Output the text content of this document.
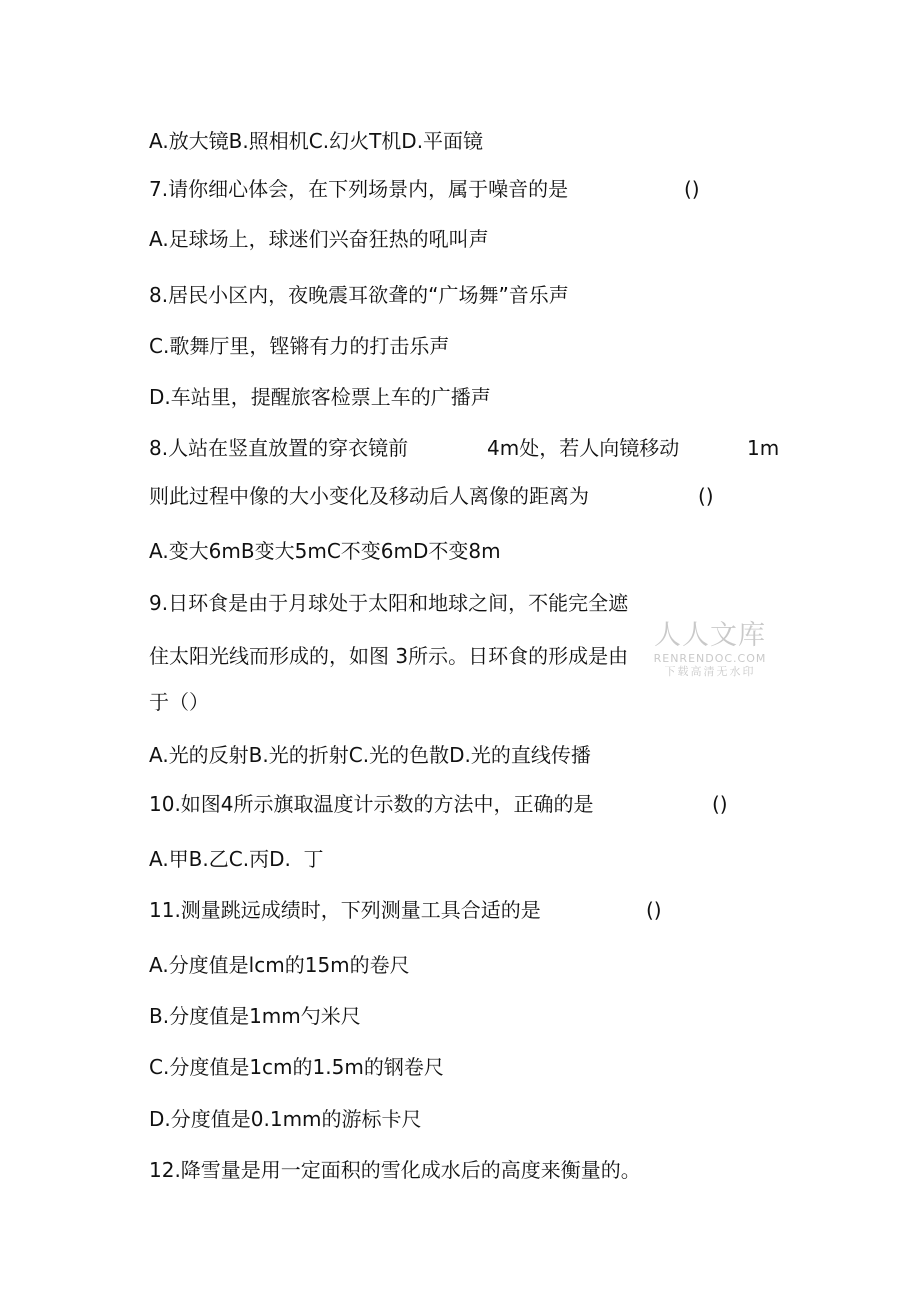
A.放大镜B.照相机C.幻火T机D.平面镜

7.请你细心体会，在下列场景内，属于噪音的是	()

A.足球场上，球迷们兴奋狂热的吼叫声

8.居民小区内，夜晚震耳欲聋的“广场舞”音乐声

C.歌舞厅里，铿锵有力的打击乐声

D.车站里，提醒旅客检票上车的广播声

8.人站在竖直放置的穿衣镜前	4m处，若人向镜移动	1m

则此过程中像的大小变化及移动后人离像的距离为	()

A.变大6mB变大5mC不变6mD不变8m

9.日环食是由于月球处于太阳和地球之间，不能完全遮

住太阳光线而形成的，如图 3所示。日环食的形成是由

于（）

A.光的反射B.光的折射C.光的色散D.光的直线传播

10.如图4所示旗取温度计示数的方法中，正确的是	()

A.甲B.乙C.丙D.  丁

11.测量跳远成绩时，下列测量工具合适的是	()

A.分度值是lcm的15m的卷尺

B.分度值是1mm勺米尺

C.分度值是1cm的1.5m的钢卷尺

D.分度值是0.1mm的游标卡尺

12.降雪量是用一定面积的雪化成水后的高度来衡量的。

人人文库
RENRENDOC.COM
下载高清无水印
